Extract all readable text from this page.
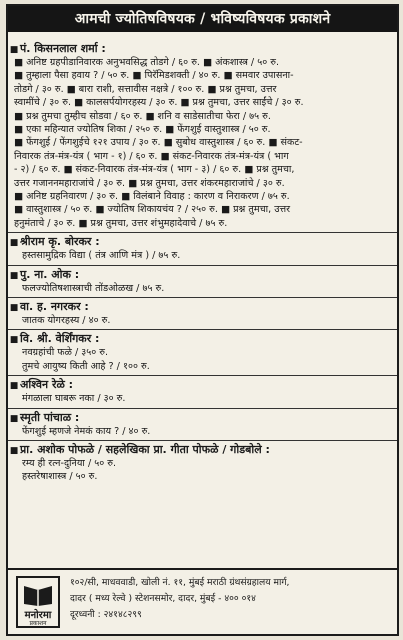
आमची ज्योतिषविषयक / भविष्यविषयक प्रकाशने
■ पं. किसनलाल शर्मा :
■ अनिष्ट ग्रहपीडानिवारक अनुभवसिद्ध तोडगे / ६० रु. ■ अंकशास्त्र / ५० रु.
■ तुम्हाला पैसा हवाय ? / ५० रु. ■ पिरॅमिडशक्ती / ४० रु. ■ समवार उपासना-
तोडगे / ३० रु. ■ बारा राशी, सत्तावीस नक्षत्रे / १०० रु. ■ प्रश्न तुमचा, उत्तर
स्वामींचे / ३० रु. ■ कालसर्पयोगरहस्य / ३० रु. ■ प्रश्न तुमचा, उत्तर साईंचे / ३० रु.
■ प्रश्न तुमचा तुम्हीच सोडवा / ६० रु. ■ शनि व साडेसातीचा फेरा / ७५ रु.
■ एका महिन्यात ज्योतिष शिका / २५० रु. ■ फेंगशुई वास्तुशास्त्र / ५० रु.
■ फेंगशुई / फेंगशुईचे १२१ उपाय / ३० रु. ■ सुबोध वास्तुशास्त्र / ६० रु. ■ संकट-
निवारक तंत्र-मंत्र-यंत्र ( भाग - १) / ६० रु. ■ संकट-निवारक तंत्र-मंत्र-यंत्र ( भाग
- २) / ६० रु. ■ संकट-निवारक तंत्र-मंत्र-यंत्र ( भाग - ३) / ६० रु. ■ प्रश्न तुमचा,
उत्तर गजाननमहाराजांचे / ३० रु. ■ प्रश्न तुमचा, उत्तर शंकरमहाराजांचे / ३० रु.
■ अनिष्ट ग्रहनिवारण / ३० रु. ■ विलंबाने विवाह : कारण व निराकरण / ७५ रु.
■ वास्तुशास्त्र / ५० रु. ■ ज्योतिष शिकायचंय ? / २५० रु. ■ प्रश्न तुमचा, उत्तर
हनुमंताचे / ३० रु. ■ प्रश्न तुमचा, उत्तर शंभुमहादेवाचे / ७५ रु.
■ श्रीराम कृ. बोरकर :
हस्तसामुद्रिक विद्या ( तंत्र आणि मंत्र ) / ७५ रु.
■ पु. ना. ओक :
फलज्योतिषशास्त्राची तोंडओळख / ७५ रु.
■ वा. ह. नगरकर :
जातक योगरहस्य / ४० रु.
■ वि. श्री. वेर्शिंगकर :
नवग्रहांची फळे / ३५० रु.
तुमचे आयुष्य किती आहे ? / १०० रु.
■ अश्विन रेळे :
मंगळाला घाबरू नका / ३० रु.
■ स्मृती पांचाळ :
फेंगशुई म्हणजे नेमकं काय ? / ४० रु.
■ प्रा. अशोक पोफळे / सहलेखिका प्रा. गीता पोफळे / गोडबोले :
रम्य ही रत्न-दुनिया / ५० रु.
हस्तरेषाशास्त्र / ५० रु.
मनोरमा
प्रकाशन
१०२/सी, माधववाडी, खोली नं. ११, मुंबई मराठी ग्रंथसंग्रहालय मार्ग,
दादर ( मध्य रेल्वे ) स्टेशनसमोर, दादर, मुंबई - ४०० ०१४
दूरध्वनी : २४१४८२९९
